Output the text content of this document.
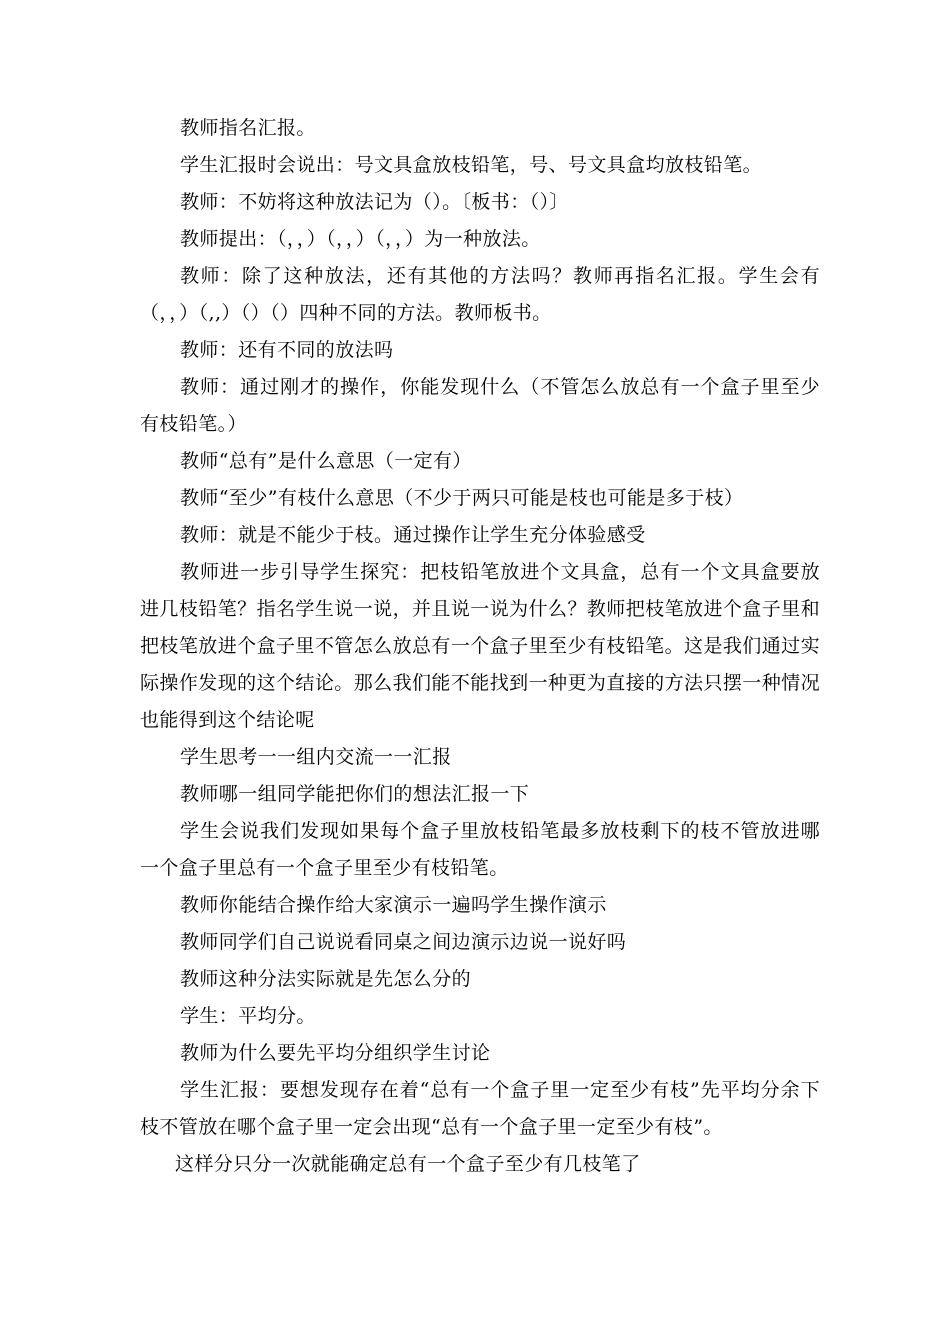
教师指名汇报。

学生汇报时会说出：号文具盒放枝铅笔，号、号文具盒均放枝铅笔。

教师：不妨将这种放法记为（）。〔板书：（）〕

教师提出：（，，）（，，）（，，）为一种放法。

教师：除了这种放法，还有其他的方法吗？教师再指名汇报。学生会有（，，）（,,）（）（）四种不同的方法。教师板书。

教师：还有不同的放法吗

教师：通过刚才的操作，你能发现什么（不管怎么放总有一个盒子里至少有枝铅笔。）

教师“总有”是什么意思（一定有）

教师“至少”有枝什么意思（不少于两只可能是枝也可能是多于枝）

教师：就是不能少于枝。通过操作让学生充分体验感受

教师进一步引导学生探究：把枝铅笔放进个文具盒，总有一个文具盒要放进几枝铅笔？指名学生说一说，并且说一说为什么？教师把枝笔放进个盒子里和把枝笔放进个盒子里不管怎么放总有一个盒子里至少有枝铅笔。这是我们通过实际操作发现的这个结论。那么我们能不能找到一种更为直接的方法只摆一种情况也能得到这个结论呢

学生思考一一组内交流一一汇报

教师哪一组同学能把你们的想法汇报一下

学生会说我们发现如果每个盒子里放枝铅笔最多放枝剩下的枝不管放进哪一个盒子里总有一个盒子里至少有枝铅笔。

教师你能结合操作给大家演示一遍吗学生操作演示

教师同学们自己说说看同桌之间边演示边说一说好吗

教师这种分法实际就是先怎么分的

学生：平均分。

教师为什么要先平均分组织学生讨论

学生汇报：要想发现存在着“总有一个盒子里一定至少有枝”先平均分余下枝不管放在哪个盒子里一定会出现“总有一个盒子里一定至少有枝”。

这样分只分一次就能确定总有一个盒子至少有几枝笔了
